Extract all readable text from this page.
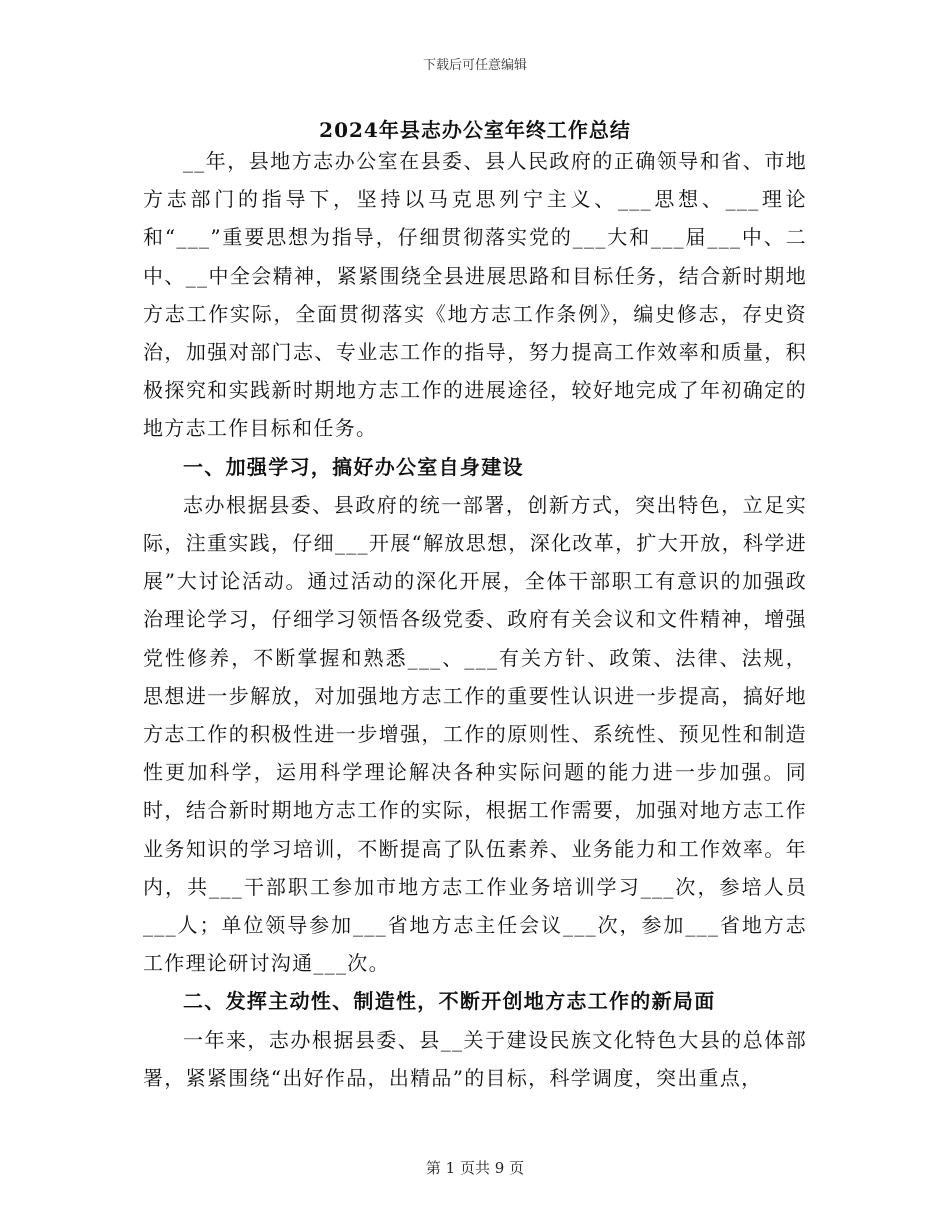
下载后可任意编辑
2024年县志办公室年终工作总结

__年，县地方志办公室在县委、县人民政府的正确领导和省、市地方志部门的指导下，坚持以马克思列宁主义、___思想、___理论和“___”重要思想为指导，仔细贯彻落实党的___大和___届___中、二中、__中全会精神，紧紧围绕全县进展思路和目标任务，结合新时期地方志工作实际，全面贯彻落实《地方志工作条例》，编史修志，存史资治，加强对部门志、专业志工作的指导，努力提高工作效率和质量，积极探究和实践新时期地方志工作的进展途径，较好地完成了年初确定的地方志工作目标和任务。

一、加强学习，搞好办公室自身建设

志办根据县委、县政府的统一部署，创新方式，突出特色，立足实际，注重实践，仔细___开展“解放思想，深化改革，扩大开放，科学进展”大讨论活动。通过活动的深化开展，全体干部职工有意识的加强政治理论学习，仔细学习领悟各级党委、政府有关会议和文件精神，增强党性修养，不断掌握和熟悉___、___有关方针、政策、法律、法规，思想进一步解放，对加强地方志工作的重要性认识进一步提高，搞好地方志工作的积极性进一步增强，工作的原则性、系统性、预见性和制造性更加科学，运用科学理论解决各种实际问题的能力进一步加强。同时，结合新时期地方志工作的实际，根据工作需要，加强对地方志工作业务知识的学习培训，不断提高了队伍素养、业务能力和工作效率。年内，共___干部职工参加市地方志工作业务培训学习___次，参培人员___人；单位领导参加___省地方志主任会议___次，参加___省地方志工作理论研讨沟通___次。

二、发挥主动性、制造性，不断开创地方志工作的新局面

一年来，志办根据县委、县__关于建设民族文化特色大县的总体部署，紧紧围绕“出好作品，出精品”的目标，科学调度，突出重点，

第 1 页共 9 页
